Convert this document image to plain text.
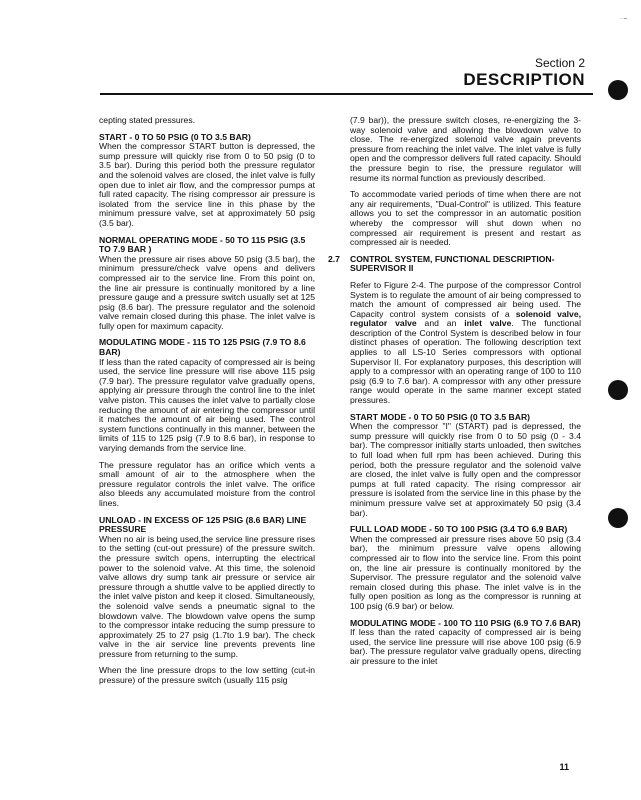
· –
Section 2
DESCRIPTION

cepting stated pressures.

START - 0 TO 50 PSIG (0 TO 3.5 BAR)

When the compressor START button is depressed, the sump pressure will quickly rise from 0 to 50 psig (0 to 3.5 bar). During this period both the pressure regulator and the solenoid valves are closed, the inlet valve is fully open due to inlet air flow, and the compressor pumps at full rated capacity. The rising compressor air pressure is isolated from the service line in this phase by the minimum pressure valve, set at approximately 50 psig (3.5 bar).

NORMAL OPERATING MODE - 50 TO 115 PSIG (3.5 TO 7.9 BAR )

When the pressure air rises above 50 psig (3.5 bar), the minimum pressure/check valve opens and delivers compressed air to the service line. From this point on, the line air pressure is continually monitored by a line pressure gauge and a pressure switch usually set at 125 psig (8.6 bar). The pressure regulator and the solenoid valve remain closed during this phase. The inlet valve is fully open for maximum capacity.

MODULATING MODE - 115 TO 125 PSIG (7.9 TO 8.6 BAR)

If less than the rated capacity of compressed air is being used, the service line pressure will rise above 115 psig (7.9 bar). The pressure regulator valve gradually opens, applying air pressure through the control line to the inlet valve piston. This causes the inlet valve to partially close reducing the amount of air entering the compressor until it matches the amount of air being used. The control system functions continually in this manner, between the limits of 115 to 125 psig (7.9 to 8.6 bar), in response to varying demands from the service line.

The pressure regulator has an orifice which vents a small amount of air to the atmosphere when the pressure regulator controls the inlet valve. The orifice also bleeds any accumulated moisture from the control lines.

UNLOAD - IN EXCESS OF 125 PSIG (8.6 BAR) LINE PRESSURE

When no air is being used,the service line pressure rises to the setting (cut-out pressure) of the pressure switch. the pressure switch opens, interrupting the electrical power to the solenoid valve. At this time, the solenoid valve allows dry sump tank air pressure or service air pressure through a shuttle valve to be applied directly to the inlet valve piston and keep it closed. Simultaneously, the solenoid valve sends a pneumatic signal to the blowdown valve. The blowdown valve opens the sump to the compressor intake reducing the sump pressure to approximately 25 to 27 psig (1.7to 1.9 bar). The check valve in the air service line prevents prevents line pressure from returning to the sump.

When the line pressure drops to the low setting (cut-in pressure) of the pressure switch (usually 115 psig

(7.9 bar)), the pressure switch closes, re-energizing the 3-way solenoid valve and allowing the blowdown valve to close. The re-energized solenoid valve again prevents pressure from reaching the inlet valve. The inlet valve is fully open and the compressor delivers full rated capacity. Should the pressure begin to rise, the pressure regulator will resume its normal function as previously described.

To accommodate varied periods of time when there are not any air requirements, "Dual-Control" is utilized. This feature allows you to set the compressor in an automatic position whereby the compressor will shut down when no compressed air requirement is present and restart as compressed air is needed.

2.7	CONTROL SYSTEM, FUNCTIONAL DESCRIPTION- SUPERVISOR II

Refer to Figure 2-4. The purpose of the compressor Control System is to regulate the amount of air being compressed to match the amount of compressed air being used. The Capacity control system consists of a solenoid valve, regulator valve and an inlet valve. The functional description of the Control System is described below in four distinct phases of operation. The following description text applies to all LS-10 Series compressors with optional Supervisor II. For explanatory purposes, this description will apply to a compressor with an operating range of 100 to 110 psig (6.9 to 7.6 bar). A compressor with any other pressure range would operate in the same manner except stated pressures.

START MODE - 0 TO 50 PSIG (0 TO 3.5 BAR)

When the compressor "I" (START) pad is depressed, the sump pressure will quickly rise from 0 to 50 psig (0 - 3.4 bar). The compressor initially starts unloaded, then switches to full load when full rpm has been achieved. During this period, both the pressure regulator and the solenoid valve are closed, the inlet valve is fully open and the compressor pumps at full rated capacity. The rising compressor air pressure is isolated from the service line in this phase by the minimum pressure valve set at approximately 50 psig (3.4 bar).

FULL LOAD MODE - 50 TO 100 PSIG (3.4 TO 6.9 BAR)

When the compressed air pressure rises above 50 psig (3.4 bar), the minimum pressure valve opens allowing compressed air to flow into the service line. From this point on, the line air pressure is continually monitored by the Supervisor. The pressure regulator and the solenoid valve remain closed during this phase. The inlet valve is in the fully open position as long as the compressor is running at 100 psig (6.9 bar) or below.

MODULATING MODE - 100 TO 110 PSIG (6.9 TO 7.6 BAR)

If less than the rated capacity of compressed air is being used, the service line pressure will rise above 100 psig (6.9 bar). The pressure regulator valve gradually opens, directing air pressure to the inlet

11
